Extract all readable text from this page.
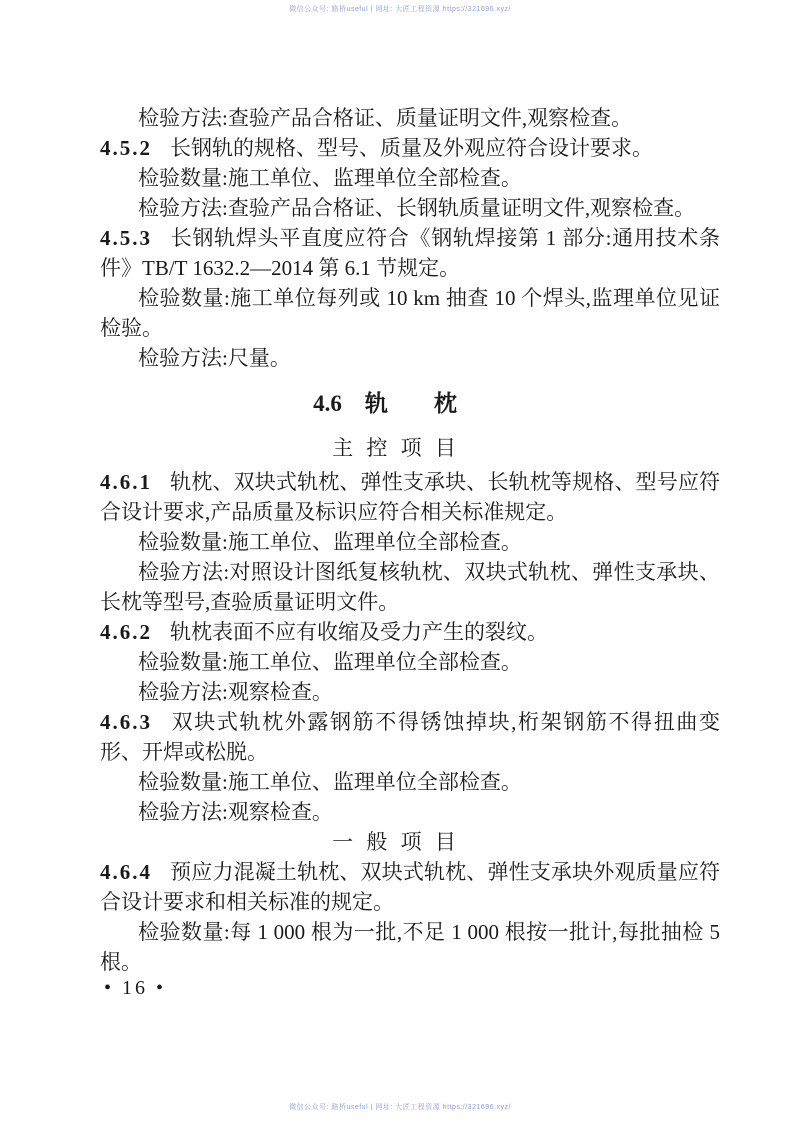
微信公众号: 路桥useful | 网址: 大匠工程资源 https://321696.xyz/

检验方法:查验产品合格证、质量证明文件,观察检查。

4.5.2 长钢轨的规格、型号、质量及外观应符合设计要求。

检验数量:施工单位、监理单位全部检查。

检验方法:查验产品合格证、长钢轨质量证明文件,观察检查。

4.5.3 长钢轨焊头平直度应符合《钢轨焊接第 1 部分:通用技术条件》TB/T 1632.2—2014 第 6.1 节规定。

检验数量:施工单位每列或 10 km 抽查 10 个焊头,监理单位见证检验。

检验方法:尺量。

4.6　轨　　枕

主 控 项 目

4.6.1 轨枕、双块式轨枕、弹性支承块、长轨枕等规格、型号应符合设计要求,产品质量及标识应符合相关标准规定。

检验数量:施工单位、监理单位全部检查。

检验方法:对照设计图纸复核轨枕、双块式轨枕、弹性支承块、长枕等型号,查验质量证明文件。

4.6.2 轨枕表面不应有收缩及受力产生的裂纹。

检验数量:施工单位、监理单位全部检查。

检验方法:观察检查。

4.6.3 双块式轨枕外露钢筋不得锈蚀掉块,桁架钢筋不得扭曲变形、开焊或松脱。

检验数量:施工单位、监理单位全部检查。

检验方法:观察检查。

一 般 项 目

4.6.4 预应力混凝土轨枕、双块式轨枕、弹性支承块外观质量应符合设计要求和相关标准的规定。

检验数量:每 1 000 根为一批,不足 1 000 根按一批计,每批抽检 5 根。

• 16 •
微信公众号: 路桥useful | 网址: 大匠工程资源 https://321696.xyz/
